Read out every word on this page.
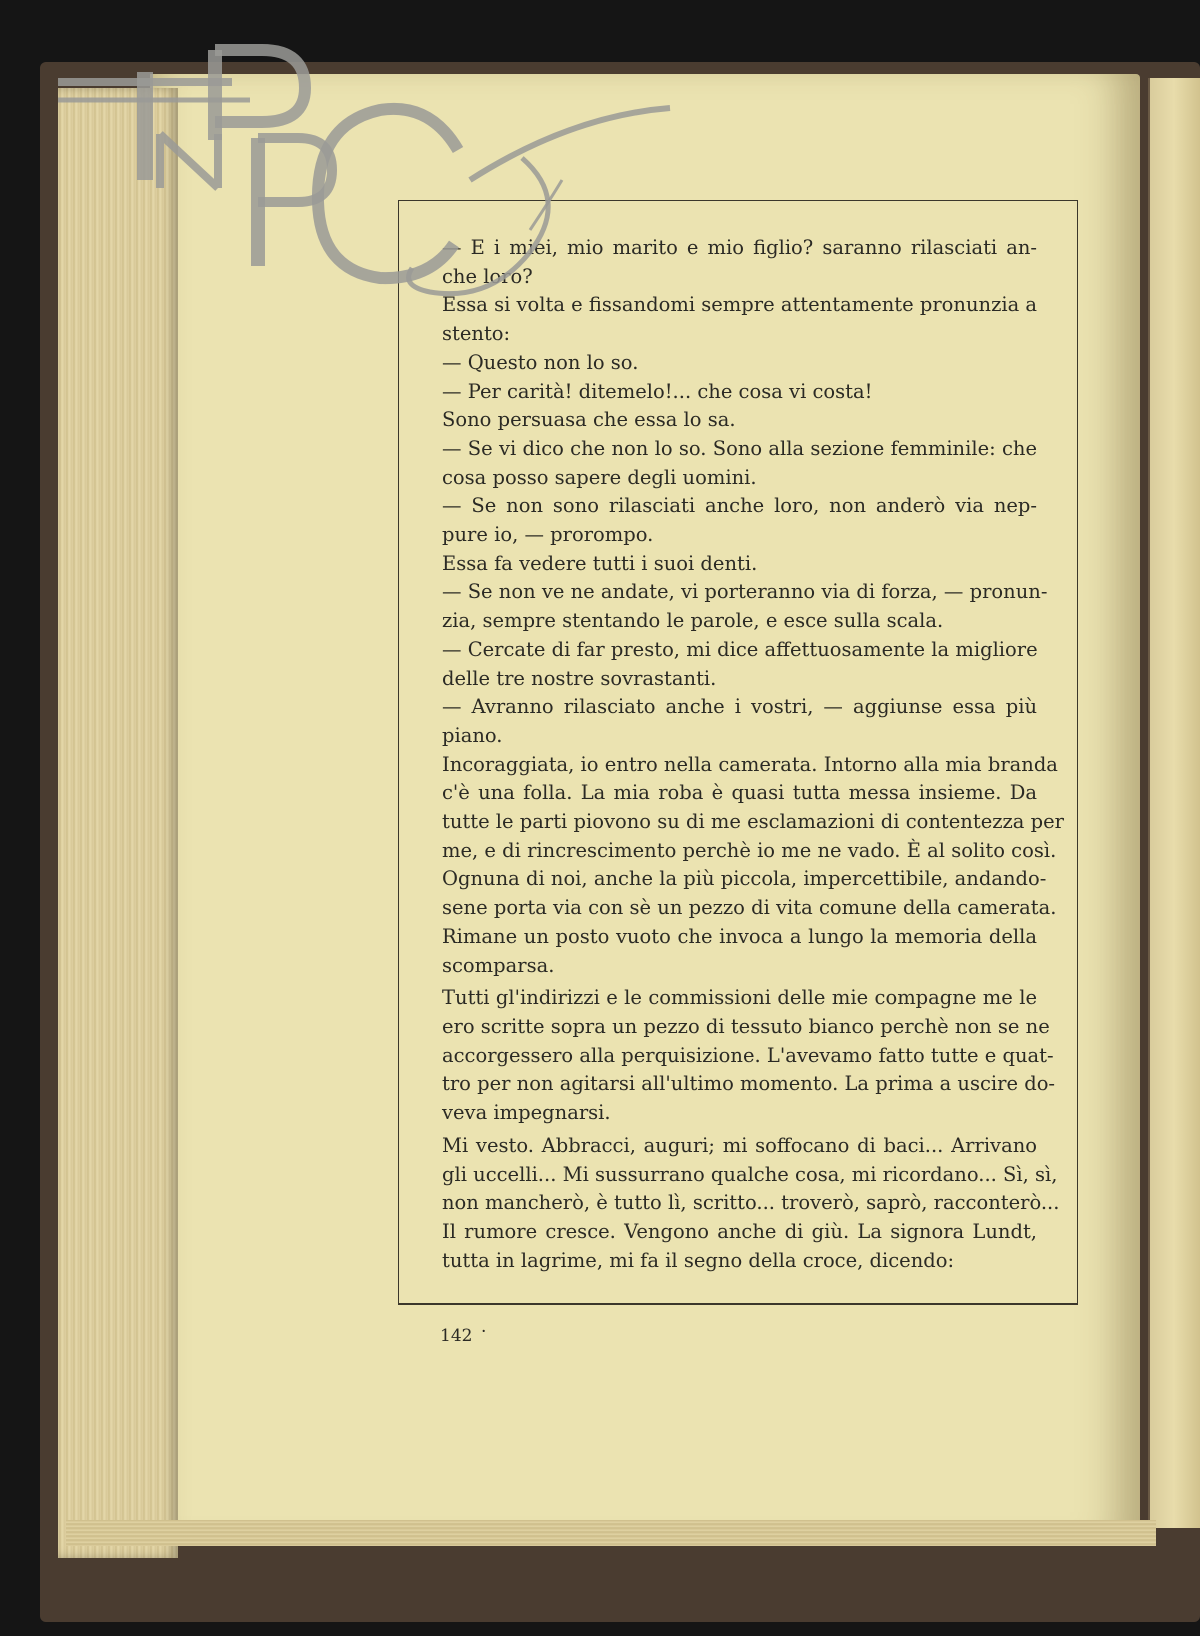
— E i miei, mio marito e mio figlio? saranno rilasciati an-
che loro?
Essa si volta e fissandomi sempre attentamente pronunzia a
stento:
— Questo non lo so.
— Per carità! ditemelo!... che cosa vi costa!
Sono persuasa che essa lo sa.
— Se vi dico che non lo so. Sono alla sezione femminile: che
cosa posso sapere degli uomini.
— Se non sono rilasciati anche loro, non anderò via nep-
pure io, — prorompo.
Essa fa vedere tutti i suoi denti.
— Se non ve ne andate, vi porteranno via di forza, — pronun-
zia, sempre stentando le parole, e esce sulla scala.
— Cercate di far presto, mi dice affettuosamente la migliore
delle tre nostre sovrastanti.
— Avranno rilasciato anche i vostri, — aggiunse essa più
piano.
Incoraggiata, io entro nella camerata. Intorno alla mia branda
c'è una folla. La mia roba è quasi tutta messa insieme. Da
tutte le parti piovono su di me esclamazioni di contentezza per
me, e di rincrescimento perchè io me ne vado. È al solito così.
Ognuna di noi, anche la più piccola, impercettibile, andando-
sene porta via con sè un pezzo di vita comune della camerata.
Rimane un posto vuoto che invoca a lungo la memoria della
scomparsa.
Tutti gl'indirizzi e le commissioni delle mie compagne me le
ero scritte sopra un pezzo di tessuto bianco perchè non se ne
accorgessero alla perquisizione. L'avevamo fatto tutte e quat-
tro per non agitarsi all'ultimo momento. La prima a uscire do-
veva impegnarsi.
Mi vesto. Abbracci, auguri; mi soffocano di baci... Arrivano
gli uccelli... Mi sussurrano qualche cosa, mi ricordano... Sì, sì,
non mancherò, è tutto lì, scritto... troverò, saprò, racconterò...
Il rumore cresce. Vengono anche di giù. La signora Lundt,
tutta in lagrime, mi fa il segno della croce, dicendo:
142 ·
